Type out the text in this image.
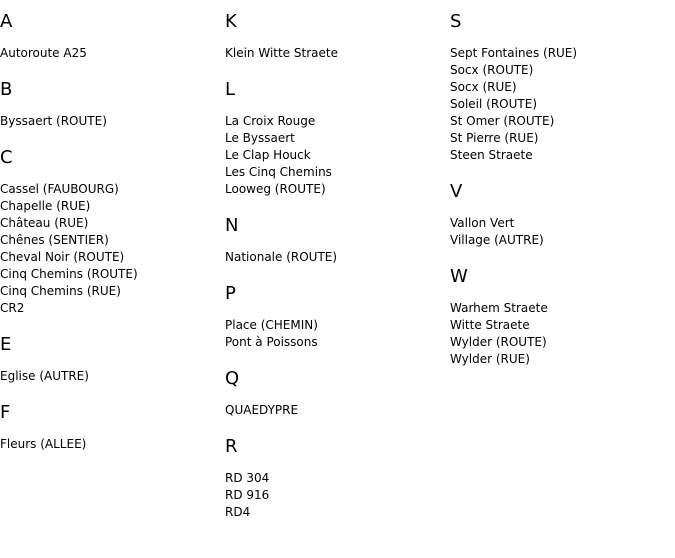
A
Autoroute A25
B
Byssaert (ROUTE)
C
Cassel (FAUBOURG)
Chapelle (RUE)
Château (RUE)
Chênes (SENTIER)
Cheval Noir (ROUTE)
Cinq Chemins (ROUTE)
Cinq Chemins (RUE)
CR2
E
Eglise (AUTRE)
F
Fleurs (ALLEE)
K
Klein Witte Straete
L
La Croix Rouge
Le Byssaert
Le Clap Houck
Les Cinq Chemins
Looweg (ROUTE)
N
Nationale (ROUTE)
P
Place (CHEMIN)
Pont à Poissons
Q
QUAEDYPRE
R
RD 304
RD 916
RD4
S
Sept Fontaines (RUE)
Socx (ROUTE)
Socx (RUE)
Soleil (ROUTE)
St Omer (ROUTE)
St Pierre (RUE)
Steen Straete
V
Vallon Vert
Village (AUTRE)
W
Warhem Straete
Witte Straete
Wylder (ROUTE)
Wylder (RUE)
